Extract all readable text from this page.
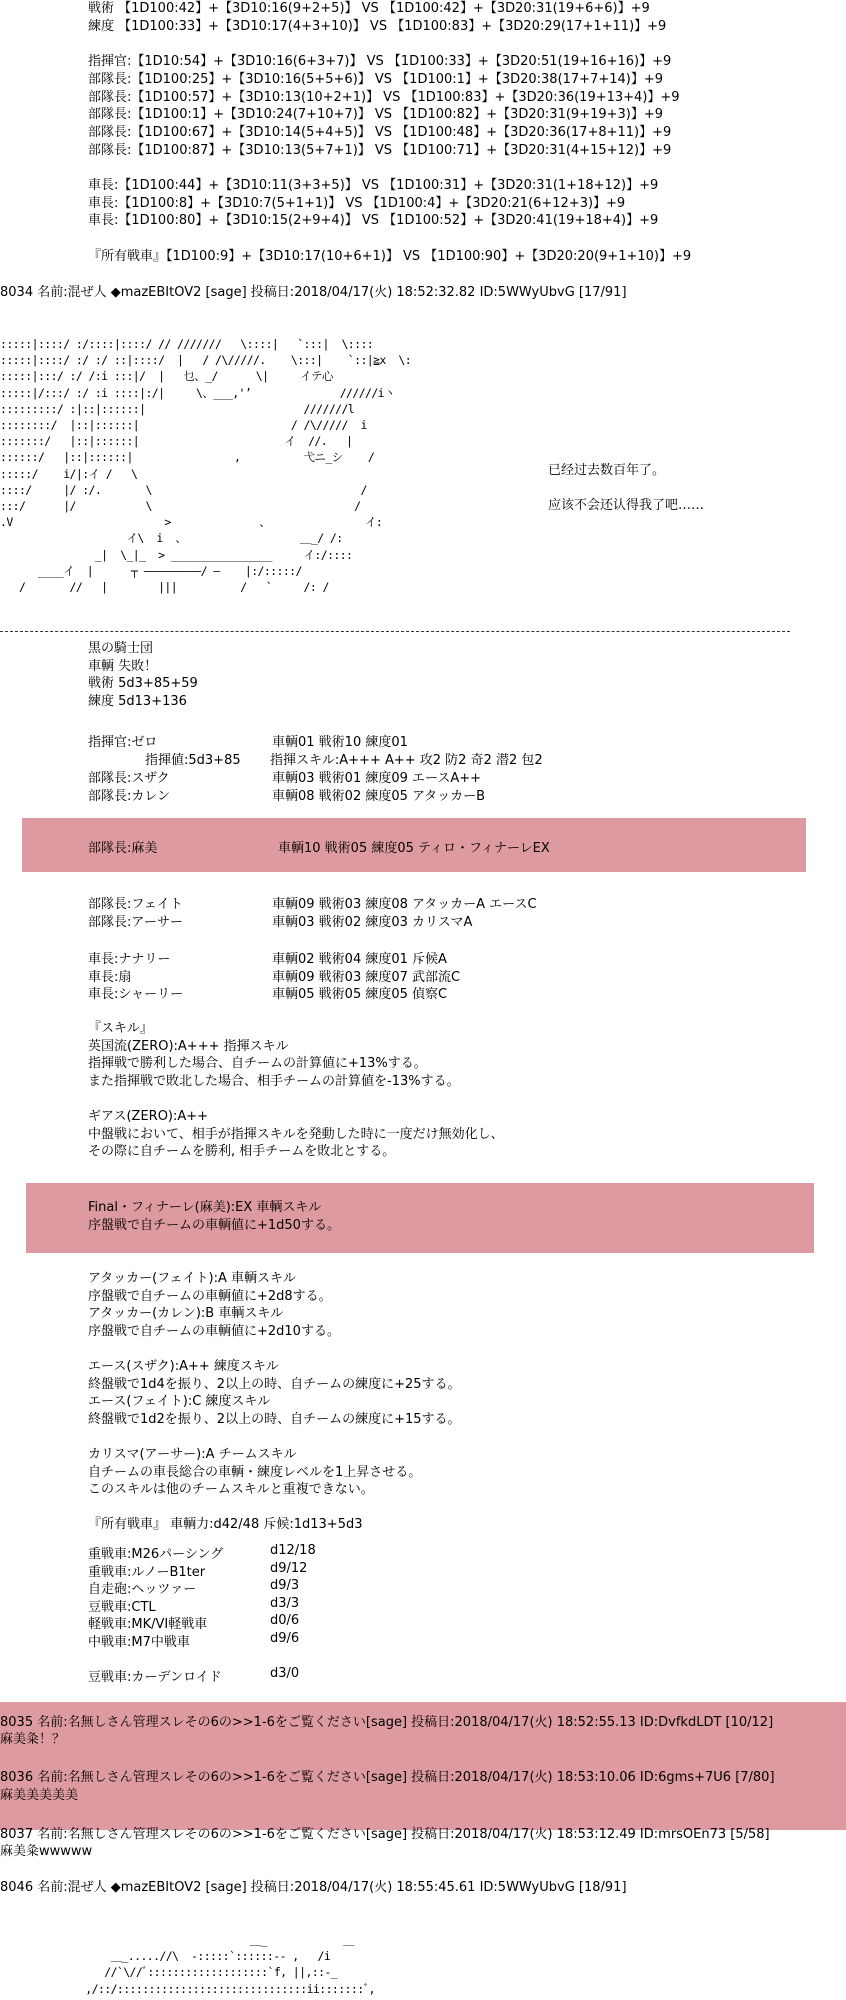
戦術 【1D100:42】+【3D10:16(9+2+5)】 VS 【1D100:42】+【3D20:31(19+6+6)】+9
練度 【1D100:33】+【3D10:17(4+3+10)】 VS 【1D100:83】+【3D20:29(17+1+11)】+9
指揮官:【1D10:54】+【3D10:16(6+3+7)】 VS 【1D100:33】+【3D20:51(19+16+16)】+9
部隊長:【1D100:25】+【3D10:16(5+5+6)】 VS 【1D100:1】+【3D20:38(17+7+14)】+9
部隊長:【1D100:57】+【3D10:13(10+2+1)】 VS 【1D100:83】+【3D20:36(19+13+4)】+9
部隊長:【1D100:1】+【3D10:24(7+10+7)】 VS 【1D100:82】+【3D20:31(9+19+3)】+9
部隊長:【1D100:67】+【3D10:14(5+4+5)】 VS 【1D100:48】+【3D20:36(17+8+11)】+9
部隊長:【1D100:87】+【3D10:13(5+7+1)】 VS 【1D100:71】+【3D20:31(4+15+12)】+9
車長:【1D100:44】+【3D10:11(3+3+5)】 VS 【1D100:31】+【3D20:31(1+18+12)】+9
車長:【1D100:8】+【3D10:7(5+1+1)】 VS 【1D100:4】+【3D20:21(6+12+3)】+9
車長:【1D100:80】+【3D10:15(2+9+4)】 VS 【1D100:52】+【3D20:41(19+18+4)】+9
『所有戦車』【1D100:9】+【3D10:17(10+6+1)】 VS 【1D100:90】+【3D20:20(9+1+10)】+9
8034 名前:混ぜ人 ◆mazEBItOV2 [sage] 投稿日:2018/04/17(火) 18:52:32.82 ID:5WWyUbvG [17/91]
:::::|::::/ :/::::|::::/ // ///////   \::::|   `:::|  \::::
:::::|::::/ :/ :/ ::|::::/  |   / /\/////.    \:::|    `::|≧x  \:
:::::|:::/ :/ /:i :::|/  |   乜、_/      \|     イテ心
:::::|/:::/ :/ :i ::::|:/|     \、___,'’              //////i丶
:::::::::/ :|::|::::::|                         ///////l
::::::::/  |::|::::::|                        / /\/////  i
:::::::/   |::|::::::|                       イ  //.   |
::::::/   |::|::::::|                ,          弋ニ_シ    /
:::::/    i/|:イ /   \
::::/     |/ :/.       \                                 /
:::/      |/           \                                /
.V                        >              、               イ:
イ\  i  、                  ＿_/ /:
_|  \_|_  > ________________     イ:/::::
____イ  |      ┬ ―――――――――/ ―    |:/:::::/
/       //   |        |||          /   `     /: /
已经过去数百年了。
应该不会还认得我了吧……
黒の騎士団
車輌 失敗！
戦術 5d3+85+59
練度 5d13+136
指揮官:ゼロ	車輌01 戦術10 練度01
指揮値:5d3+85 指揮スキル:A+++ A++ 攻2 防2 奇2 潜2 包2
部隊長:スザク	車輌03 戦術01 練度09 エースA++
部隊長:カレン	車輌08 戦術02 練度05 アタッカーB
部隊長:麻美	車輌10 戦術05 練度05 ティロ・フィナーレEX
部隊長:フェイト	車輌09 戦術03 練度08 アタッカーA エースC
部隊長:アーサー	車輌03 戦術02 練度03 カリスマA
車長:ナナリー	車輌02 戦術04 練度01 斥候A
車長:扇	車輌09 戦術03 練度07 武部流C
車長:シャーリー	車輌05 戦術05 練度05 偵察C
『スキル』
英国流(ZERO):A+++ 指揮スキル
指揮戦で勝利した場合、自チームの計算値に+13%する。
また指揮戦で敗北した場合、相手チームの計算値を-13%する。
ギアス(ZERO):A++
中盤戦において、相手が指揮スキルを発動した時に一度だけ無効化し、
その際に自チームを勝利, 相手チームを敗北とする。
Final・フィナーレ(麻美):EX 車輌スキル
序盤戦で自チームの車輌値に+1d50する。
アタッカー(フェイト):A 車輌スキル
序盤戦で自チームの車輌値に+2d8する。
アタッカー(カレン):B 車輌スキル
序盤戦で自チームの車輌値に+2d10する。
エース(スザク):A++ 練度スキル
終盤戦で1d4を振り、2以上の時、自チームの練度に+25する。
エース(フェイト):C 練度スキル
終盤戦で1d2を振り、2以上の時、自チームの練度に+15する。
カリスマ(アーサー):A チームスキル
自チームの車長総合の車輌・練度レベルを1上昇させる。
このスキルは他のチームスキルと重複できない。
『所有戦車』 車輌力:d42/48 斥候:1d13+5d3
重戦車:M26パーシング	d12/18
重戦車:ルノーB1ter	d9/12
自走砲:ヘッツァー	d9/3
豆戦車:CTL	d3/3
軽戦車:MK/VI軽戦車	d0/6
中戦車:M7中戦車	d9/6
豆戦車:カーデンロイド	d3/0
8035 名前:名無しさん管理スレその6の>>1-6をご覧ください[sage] 投稿日:2018/04/17(火) 18:52:55.13 ID:DvfkdLDT [10/12]
麻美粂！？
8036 名前:名無しさん管理スレその6の>>1-6をご覧ください[sage] 投稿日:2018/04/17(火) 18:53:10.06 ID:6gms+7U6 [7/80]
麻美美美美美
8037 名前:名無しさん管理スレその6の>>1-6をご覧ください[sage] 投稿日:2018/04/17(火) 18:53:12.49 ID:mrsOEn73 [5/58]
麻美粂wwwww
8046 名前:混ぜ人 ◆mazEBItOV2 [sage] 投稿日:2018/04/17(火) 18:55:45.61 ID:5WWyUbvG [18/91]
＿_            ＿
＿_.....//\  -:::::`::::::-- ,   /i
//`\//ﾞ:::::::::::::::::::`f, ||,::-_
,/::/::::::::::::::::::::::::::::::ii:::::::ﾞ,
